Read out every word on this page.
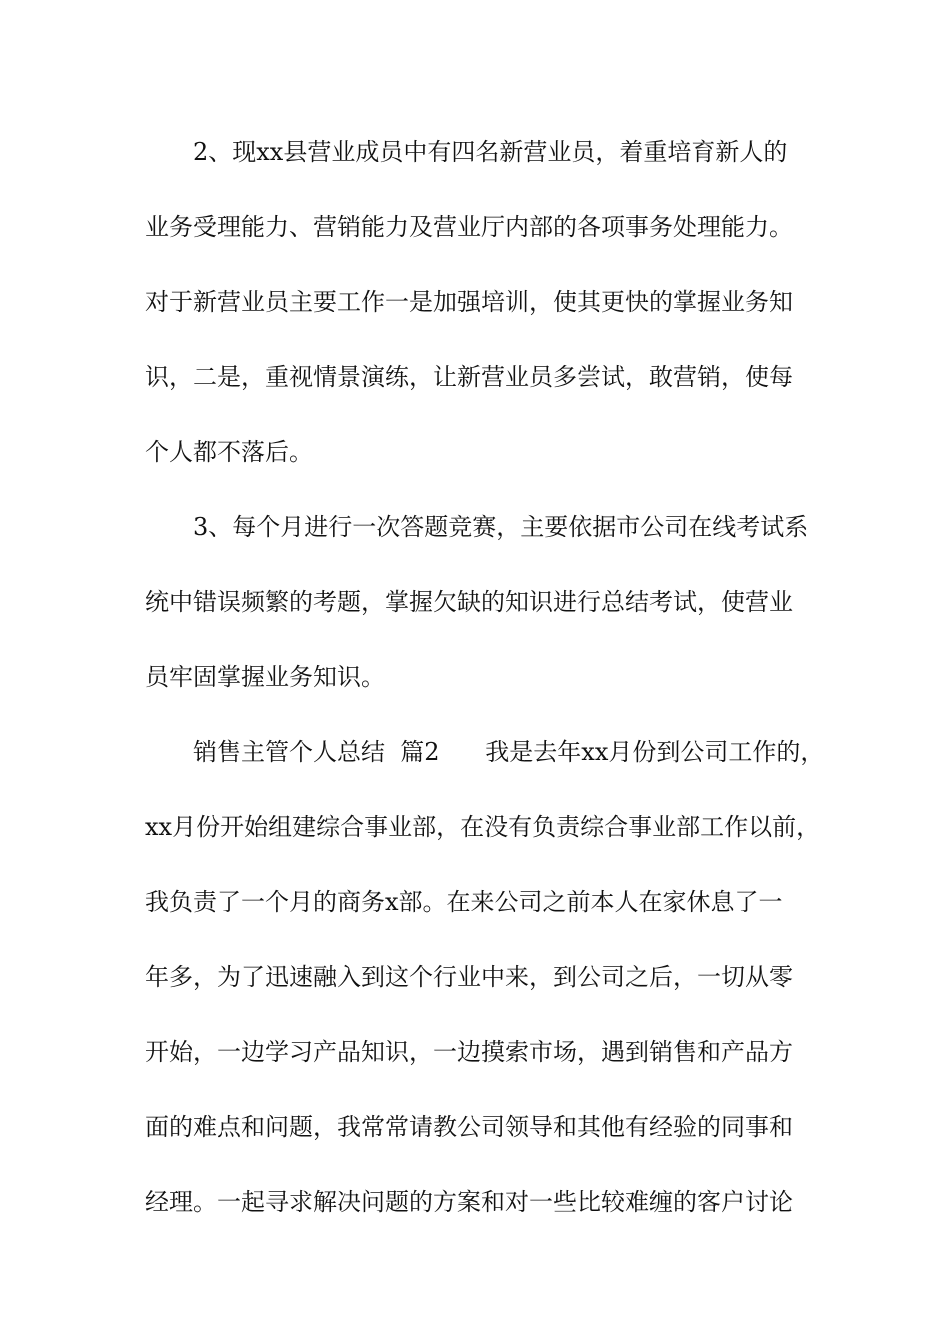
2、现xx县营业成员中有四名新营业员，着重培育新人的

业务受理能力、营销能力及营业厅内部的各项事务处理能力。

对于新营业员主要工作一是加强培训，使其更快的掌握业务知

识，二是，重视情景演练，让新营业员多尝试，敢营销，使每

个人都不落后。

3、每个月进行一次答题竞赛，主要依据市公司在线考试系

统中错误频繁的考题，掌握欠缺的知识进行总结考试，使营业

员牢固掌握业务知识。

销售主管个人总结  篇2      我是去年xx月份到公司工作的，

xx月份开始组建综合事业部，在没有负责综合事业部工作以前，

我负责了一个月的商务x部。在来公司之前本人在家休息了一

年多，为了迅速融入到这个行业中来，到公司之后，一切从零

开始，一边学习产品知识，一边摸索市场，遇到销售和产品方

面的难点和问题，我常常请教公司领导和其他有经验的同事和

经理。一起寻求解决问题的方案和对一些比较难缠的客户讨论
